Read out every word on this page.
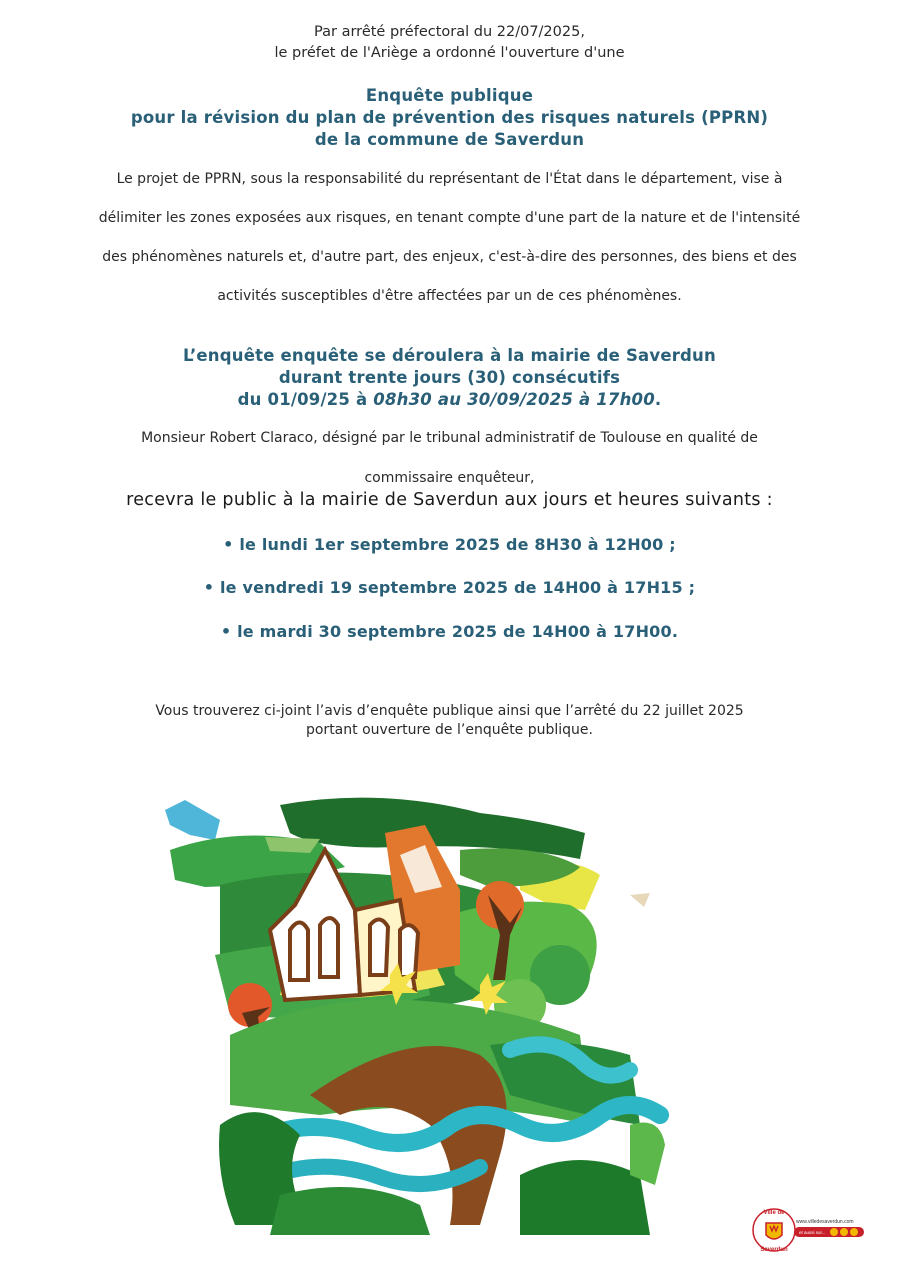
Par arrêté préfectoral du 22/07/2025,
le préfet de l'Ariège a ordonné l'ouverture d'une
Enquête publique
pour la révision du plan de prévention des risques naturels (PPRN)
de la commune de Saverdun
Le projet de PPRN, sous la responsabilité du représentant de l'État dans le département, vise à
délimiter les zones exposées aux risques, en tenant compte d'une part de la nature et de l'intensité
des phénomènes naturels et, d'autre part, des enjeux, c'est-à-dire des personnes, des biens et des
activités susceptibles d'être affectées par un de ces phénomènes.
L’enquête enquête se déroulera à la mairie de Saverdun
durant trente jours (30) consécutifs
du 01/09/25 à 08h30 au 30/09/2025 à 17h00.
Monsieur Robert Claraco, désigné par le tribunal administratif de Toulouse en qualité de
commissaire enquêteur,
recevra le public à la mairie de Saverdun aux jours et heures suivants :
• le lundi 1er septembre 2025 de 8H30 à 12H00 ;
• le vendredi 19 septembre 2025 de 14H00 à 17H15 ;
• le mardi 30 septembre 2025 de 14H00 à 17H00.
Vous trouverez ci-joint l’avis d’enquête publique ainsi que l’arrêté du 22 juillet 2025
portant ouverture de l’enquête publique.
Ville de
Saverdun
www.villedesaverdun.com
et aussi sur...
